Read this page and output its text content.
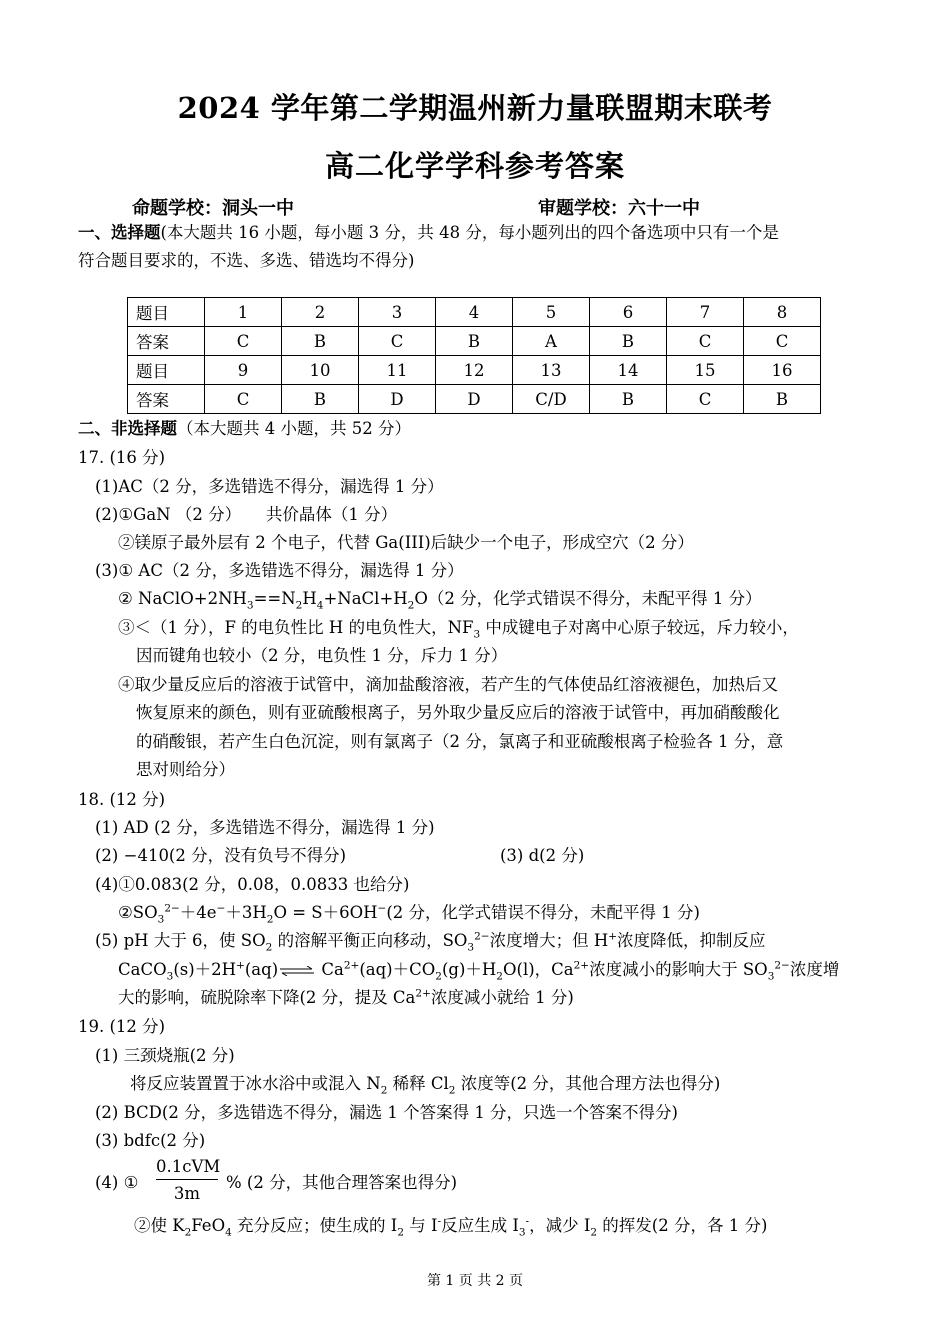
2024 学年第二学期温州新力量联盟期末联考
高二化学学科参考答案
命题学校：洞头一中	审题学校：六十一中
一、选择题(本大题共 16 小题，每小题 3 分，共 48 分，每小题列出的四个备选项中只有一个是
符合题目要求的，不选、多选、错选均不得分)
题目	1	2	3	4	5	6	7	8
答案	C	B	C	B	A	B	C	C
题目	9	10	11	12	13	14	15	16
答案	C	B	D	D	C/D	B	C	B
二、非选择题（本大题共 4 小题，共 52 分）
17. (16 分)
(1)AC（2 分，多选错选不得分，漏选得 1 分）
(2)①GaN （2 分）　　共价晶体（1 分）
②镁原子最外层有 2 个电子，代替 Ga(III)后缺少一个电子，形成空穴（2 分）
(3)① AC（2 分，多选错选不得分，漏选得 1 分）
② $NaClO+2NH_3==N_2H_4+NaCl+H_2O(2$ 分，化学式错误不得分，未配平得 1 分）
③＜（1 分），F 的电负性比 H 的电负性大，$NF_3$ 中成键电子对离中心原子较远，斥力较小，
因而键角也较小（2 分，电负性 1 分，斥力 1 分）
④取少量反应后的溶液于试管中，滴加盐酸溶液，若产生的气体使品红溶液褪色，加热后又
恢复原来的颜色，则有亚硫酸根离子，另外取少量反应后的溶液于试管中，再加硝酸酸化
的硝酸银，若产生白色沉淀，则有氯离子（2 分，氯离子和亚硫酸根离子检验各 1 分，意
思对则给分）
18. (12 分)
(1) AD (2 分，多选错选不得分，漏选得 1 分)
(2) −410(2 分，没有负号不得分)	(3) d(2 分)
(4)①0.083(2 分，0.08，0.0833 也给分)
$②SO_3^{2-}+4e^-+3H_2O = S+6OH^-(2$ 分，化学式错误不得分，未配平得 1 分)
(5) pH 大于 6，使 $SO_2$ 的溶解平衡正向移动，$SO_3^{2-}$浓度增大；但 H+浓度降低，抑制反应
CaCO$_3$(s)＋2H+(aq)⇌ $Ca^{2+}(aq)+CO_2(g)+H_2O(l)$，$Ca^{2+}$浓度减小的影响大于 $SO_3^{2-}$浓度增
大的影响，硫脱除率下降(2 分，提及 $Ca^{2+}$浓度减小就给 1 分)
19. (12 分)
(1) 三颈烧瓶(2 分)
将反应装置置于冰水浴中或混入 $N_2$ 稀释 $Cl_2$ 浓度等(2 分，其他合理方法也得分)
(2) BCD(2 分，多选错选不得分，漏选 1 个答案得 1 分，只选一个答案不得分)
(3) bdfc(2 分)
(4) ①
0.1cVM
3m
% (2 分，其他合理答案也得分)
②使 $K_2FeO_4$ 充分反应；使生成的 $I_2$ 与 I-反应生成 $I_3^-$，减少 $I_2$ 的挥发(2 分，各 1 分)
第 1 页 共 2 页
